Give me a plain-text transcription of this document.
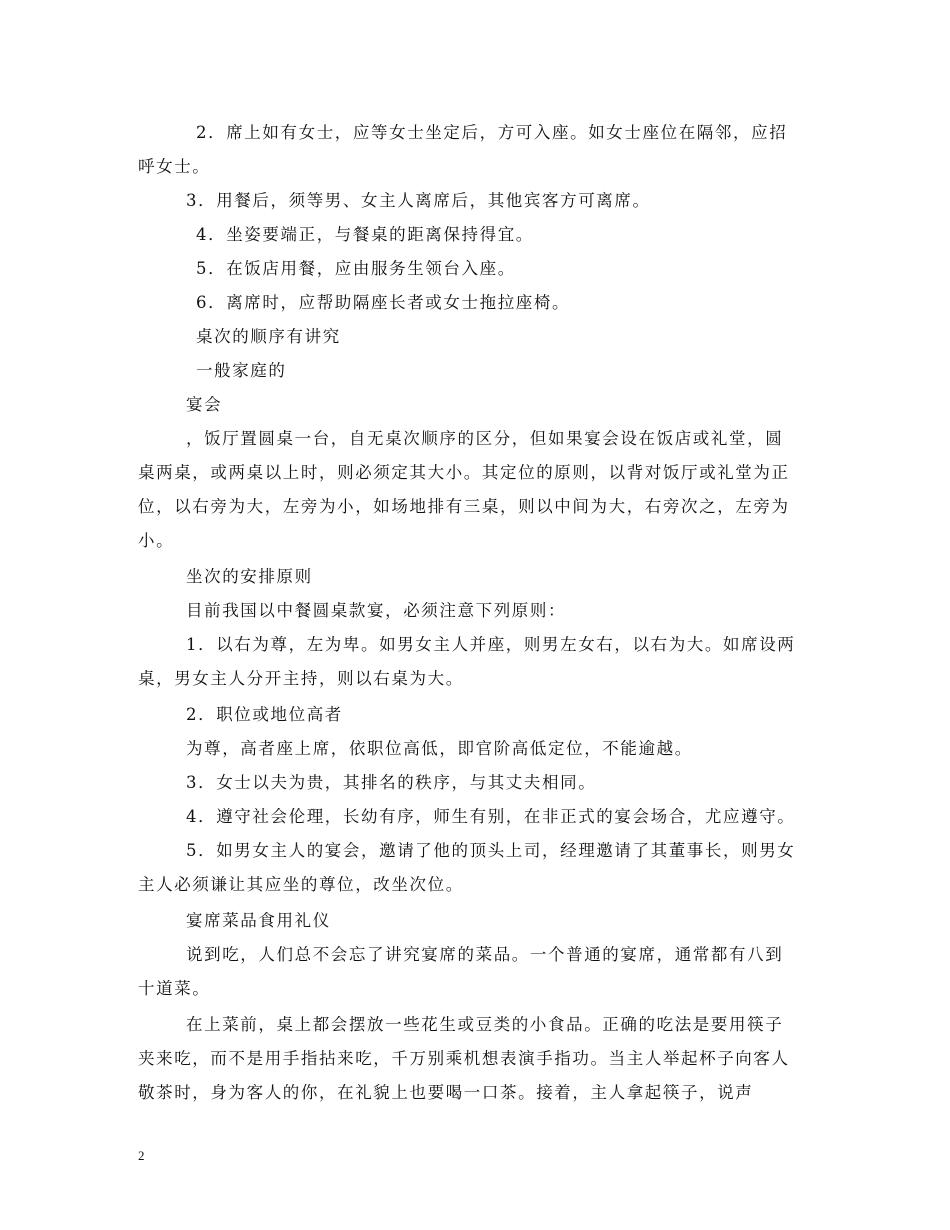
2．席上如有女士，应等女士坐定后，方可入座。如女士座位在隔邻，应招
呼女士。
3．用餐后，须等男、女主人离席后，其他宾客方可离席。
4．坐姿要端正，与餐桌的距离保持得宜。
5．在饭店用餐，应由服务生领台入座。
6．离席时，应帮助隔座长者或女士拖拉座椅。
桌次的顺序有讲究
一般家庭的
宴会
，饭厅置圆桌一台，自无桌次顺序的区分，但如果宴会设在饭店或礼堂，圆
桌两桌，或两桌以上时，则必须定其大小。其定位的原则，以背对饭厅或礼堂为正
位，以右旁为大，左旁为小，如场地排有三桌，则以中间为大，右旁次之，左旁为
小。
坐次的安排原则
目前我国以中餐圆桌款宴，必须注意下列原则：
1．以右为尊，左为卑。如男女主人并座，则男左女右，以右为大。如席设两
桌，男女主人分开主持，则以右桌为大。
2．职位或地位高者
为尊，高者座上席，依职位高低，即官阶高低定位，不能逾越。
3．女士以夫为贵，其排名的秩序，与其丈夫相同。
4．遵守社会伦理，长幼有序，师生有别，在非正式的宴会场合，尤应遵守。
5．如男女主人的宴会，邀请了他的顶头上司，经理邀请了其董事长，则男女
主人必须谦让其应坐的尊位，改坐次位。
宴席菜品食用礼仪
说到吃，人们总不会忘了讲究宴席的菜品。一个普通的宴席，通常都有八到
十道菜。
在上菜前，桌上都会摆放一些花生或豆类的小食品。正确的吃法是要用筷子
夹来吃，而不是用手指拈来吃，千万别乘机想表演手指功。当主人举起杯子向客人
敬茶时，身为客人的你，在礼貌上也要喝一口茶。接着，主人拿起筷子，说声
2
